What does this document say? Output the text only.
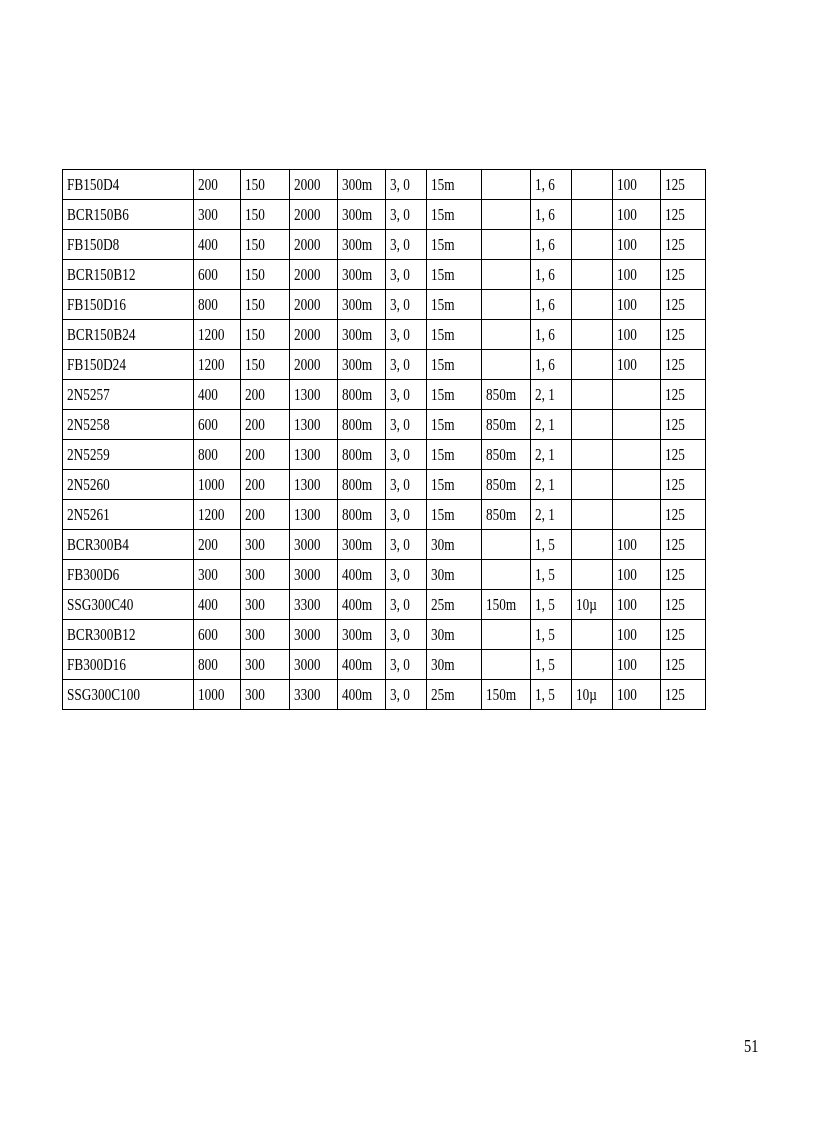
FB150D4	200	150	2000	300m	3, 0	15m		1, 6		100	125
BCR150B6	300	150	2000	300m	3, 0	15m		1, 6		100	125
FB150D8	400	150	2000	300m	3, 0	15m		1, 6		100	125
BCR150B12	600	150	2000	300m	3, 0	15m		1, 6		100	125
FB150D16	800	150	2000	300m	3, 0	15m		1, 6		100	125
BCR150B24	1200	150	2000	300m	3, 0	15m		1, 6		100	125
FB150D24	1200	150	2000	300m	3, 0	15m		1, 6		100	125
2N5257	400	200	1300	800m	3, 0	15m	850m	2, 1			125
2N5258	600	200	1300	800m	3, 0	15m	850m	2, 1			125
2N5259	800	200	1300	800m	3, 0	15m	850m	2, 1			125
2N5260	1000	200	1300	800m	3, 0	15m	850m	2, 1			125
2N5261	1200	200	1300	800m	3, 0	15m	850m	2, 1			125
BCR300B4	200	300	3000	300m	3, 0	30m		1, 5		100	125
FB300D6	300	300	3000	400m	3, 0	30m		1, 5		100	125
SSG300C40	400	300	3300	400m	3, 0	25m	150m	1, 5	10µ	100	125
BCR300B12	600	300	3000	300m	3, 0	30m		1, 5		100	125
FB300D16	800	300	3000	400m	3, 0	30m		1, 5		100	125
SSG300C100	1000	300	3300	400m	3, 0	25m	150m	1, 5	10µ	100	125
51
